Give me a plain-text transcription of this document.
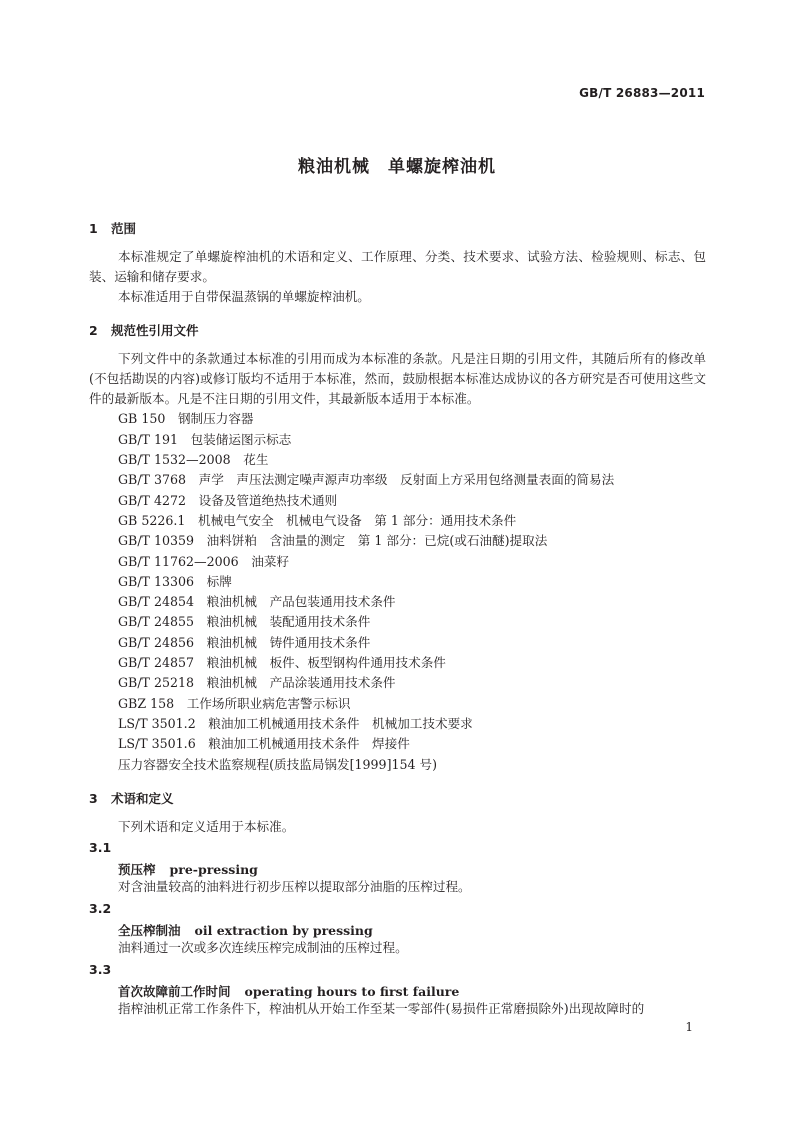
GB/T 26883—2011
粮油机械　单螺旋榨油机
1 范围
本标准规定了单螺旋榨油机的术语和定义、工作原理、分类、技术要求、试验方法、检验规则、标志、包装、运输和储存要求。
本标准适用于自带保温蒸锅的单螺旋榨油机。
2 规范性引用文件
下列文件中的条款通过本标准的引用而成为本标准的条款。凡是注日期的引用文件，其随后所有的修改单(不包括勘误的内容)或修订版均不适用于本标准，然而，鼓励根据本标准达成协议的各方研究是否可使用这些文件的最新版本。凡是不注日期的引用文件，其最新版本适用于本标准。
GB 150　钢制压力容器
GB/T 191　包装储运图示标志
GB/T 1532—2008　花生
GB/T 3768　声学　声压法测定噪声源声功率级　反射面上方采用包络测量表面的简易法
GB/T 4272　设备及管道绝热技术通则
GB 5226.1　机械电气安全　机械电气设备　第 1 部分：通用技术条件
GB/T 10359　油料饼粕　含油量的测定　第 1 部分：已烷(或石油醚)提取法
GB/T 11762—2006　油菜籽
GB/T 13306　标牌
GB/T 24854　粮油机械　产品包装通用技术条件
GB/T 24855　粮油机械　装配通用技术条件
GB/T 24856　粮油机械　铸件通用技术条件
GB/T 24857　粮油机械　板件、板型钢构件通用技术条件
GB/T 25218　粮油机械　产品涂装通用技术条件
GBZ 158　工作场所职业病危害警示标识
LS/T 3501.2　粮油加工机械通用技术条件　机械加工技术要求
LS/T 3501.6　粮油加工机械通用技术条件　焊接件
压力容器安全技术监察规程(质技监局锅发[1999]154 号)
3 术语和定义
下列术语和定义适用于本标准。
3.1
预压榨 pre-pressing
对含油量较高的油料进行初步压榨以提取部分油脂的压榨过程。
3.2
全压榨制油 oil extraction by pressing
油料通过一次或多次连续压榨完成制油的压榨过程。
3.3
首次故障前工作时间 operating hours to first failure
指榨油机正常工作条件下，榨油机从开始工作至某一零部件(易损件正常磨损除外)出现故障时的
1
